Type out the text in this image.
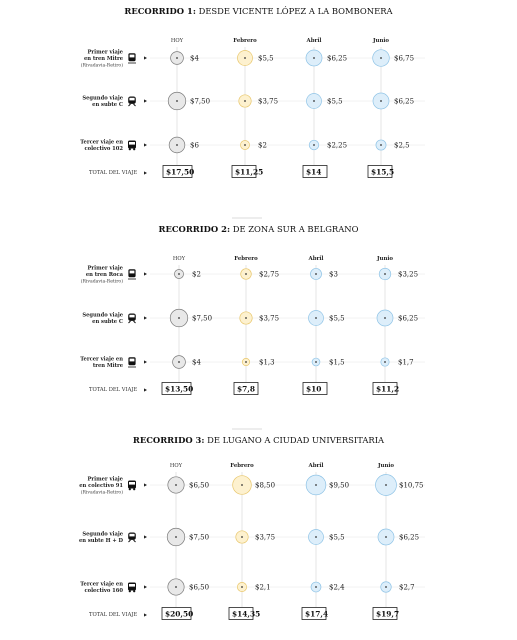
RECORRIDO 1: DESDE VICENTE LÓPEZ A LA BOMBONERA
HOY	Febrero	Abril	Junio
Primer viaje
en tren Mitre
(Rivadavia-Retiro)
$4	$5,5	$6,25	$6,75
Segundo viaje
en subte C	$7,50	$3,75	$5,5	$6,25
Tercer viaje en
colectivo 102	$6	$2	$2,25	$2,5
TOTAL DEL VIAJE	$17,50	$11,25	$14	$15,5
RECORRIDO 2: DE ZONA SUR A BELGRANO
HOY	Febrero	Abril	Junio
Primer viaje
en tren Roca
(Rivadavia-Retiro)
$2	$2,75	$3	$3,25
Segundo viaje
en subte C	$7,50	$3,75	$5,5	$6,25
Tercer viaje en
tren Mitre	$4	$1,3	$1,5	$1,7
TOTAL DEL VIAJE	$13,50	$7,8	$10	$11,2
RECORRIDO 3: DE LUGANO A CIUDAD UNIVERSITARIA
HOY	Febrero	Abril	Junio
Primer viaje
en colectivo 91
(Rivadavia-Retiro)
$6,50	$8,50	$9,50	$10,75
Segundo viaje
en subte H + D	$7,50	$3,75	$5,5	$6,25
Tercer viaje en
colectivo 160	$6,50	$2,1	$2,4	$2,7
TOTAL DEL VIAJE	$20,50	$14,35	$17,4	$19,7
